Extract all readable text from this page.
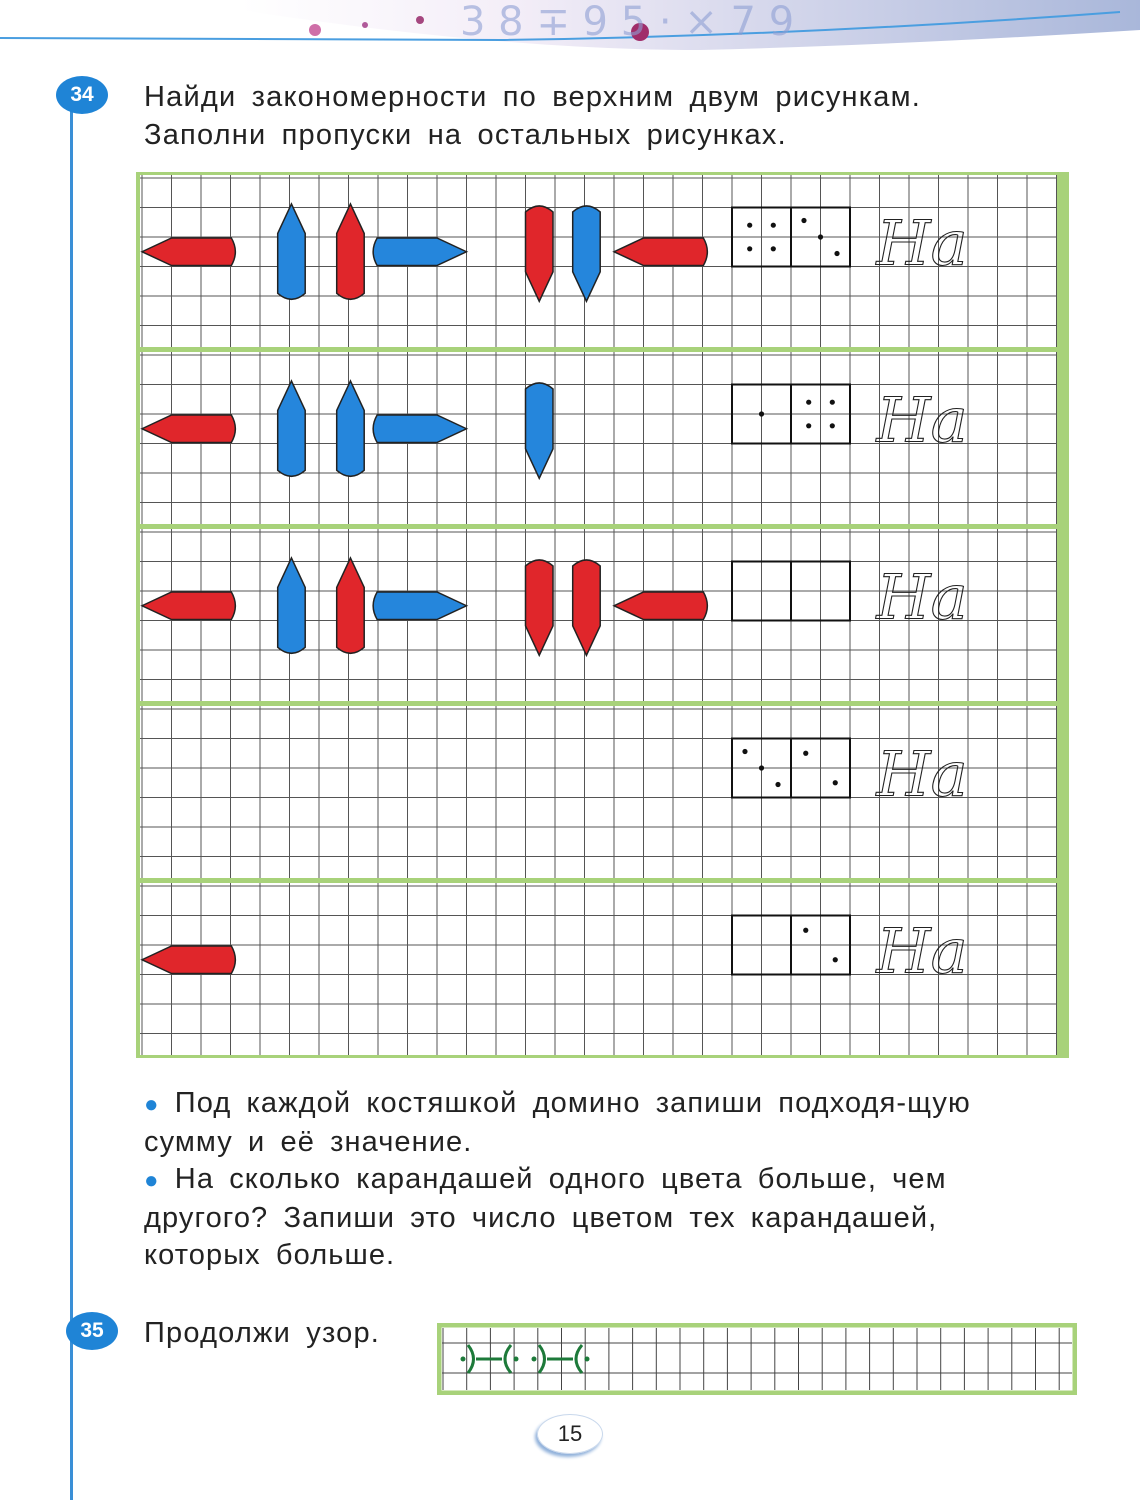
3 8 ∓ 9 5 · × 7 9
34	Найди закономерности по верхним двум рисункам.
Заполни пропуски на остальных рисунках.
Ha
Ha
Ha
Ha
Ha
● Под каждой костяшкой домино запиши подходя-щую сумму и её значение.
● На сколько карандашей одного цвета больше, чем другого? Запиши это число цветом тех карандашей, которых больше.
35	Продолжи узор.
15
